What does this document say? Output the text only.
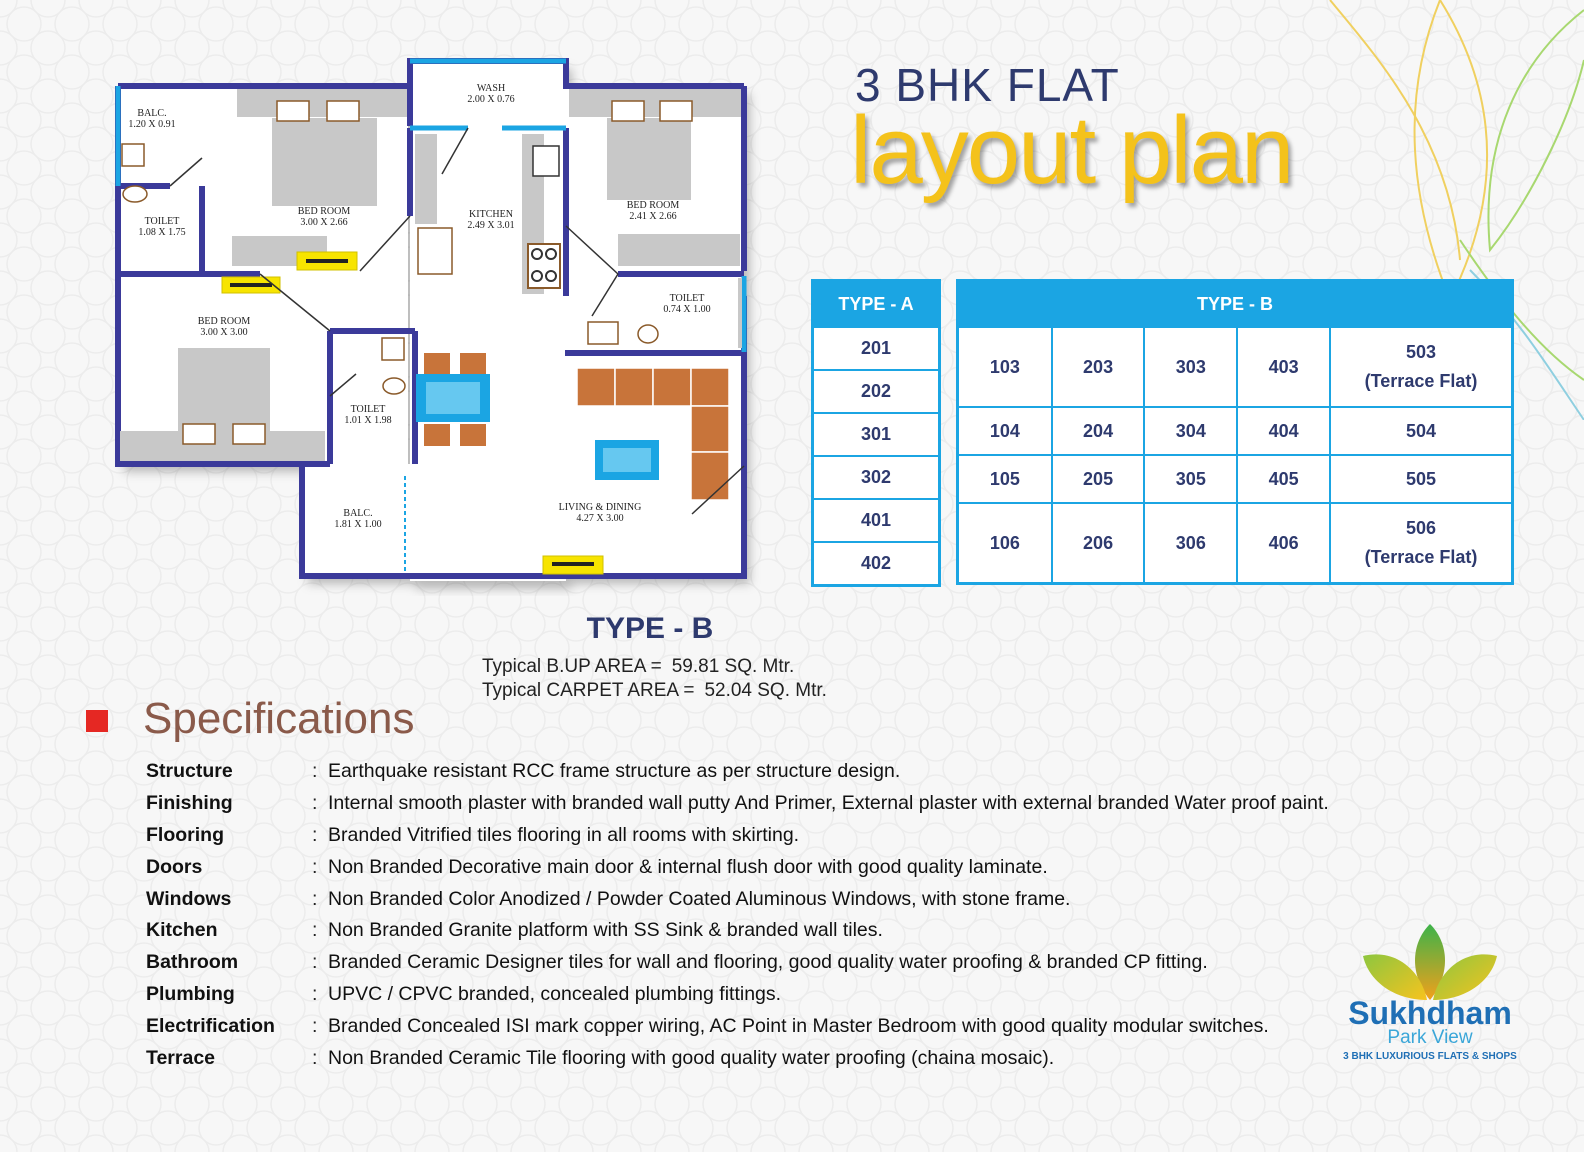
3 BHK FLAT
layout plan
BALC. 1.20 X 0.91
TOILET 1.08 X 1.75
BED ROOM 3.00 X 2.66
WASH 2.00 X 0.76
KITCHEN 2.49 X 3.01
BED ROOM 2.41 X 2.66
TOILET 0.74 X 1.00
BED ROOM 3.00 X 3.00
TOILET 1.01 X 1.98
BALC. 1.81 X 1.00
LIVING & DINING 4.27 X 3.00
TYPE - B
Typical B.UP AREA = 59.81 SQ. Mtr.
Typical CARPET AREA = 52.04 SQ. Mtr.
TYPE - A
201
202
301
302
401
402
TYPE - B				
103	203	303	403	503
(Terrace Flat)
104	204	304	404	504
105	205	305	405	505
106	206	306	406	506
(Terrace Flat)
Specifications
Structure	: Earthquake resistant RCC frame structure as per structure design.
Finishing	: Internal smooth plaster with branded wall putty And Primer, External plaster with external branded Water proof paint.
Flooring	: Branded Vitrified tiles flooring in all rooms with skirting.
Doors	: Non Branded Decorative main door & internal flush door with good quality laminate.
Windows	: Non Branded Color Anodized / Powder Coated Aluminous Windows, with stone frame.
Kitchen	: Non Branded Granite platform with SS Sink & branded wall tiles.
Bathroom	: Branded Ceramic Designer tiles for wall and flooring, good quality water proofing & branded CP fitting.
Plumbing	: UPVC / CPVC branded, concealed plumbing fittings.
Electrification	: Branded Concealed ISI mark copper wiring, AC Point in Master Bedroom with good quality modular switches.
Terrace	: Non Branded Ceramic Tile flooring with good quality water proofing (chaina mosaic).
Sukhdham
Park View
3 BHK LUXURIOUS FLATS & SHOPS
